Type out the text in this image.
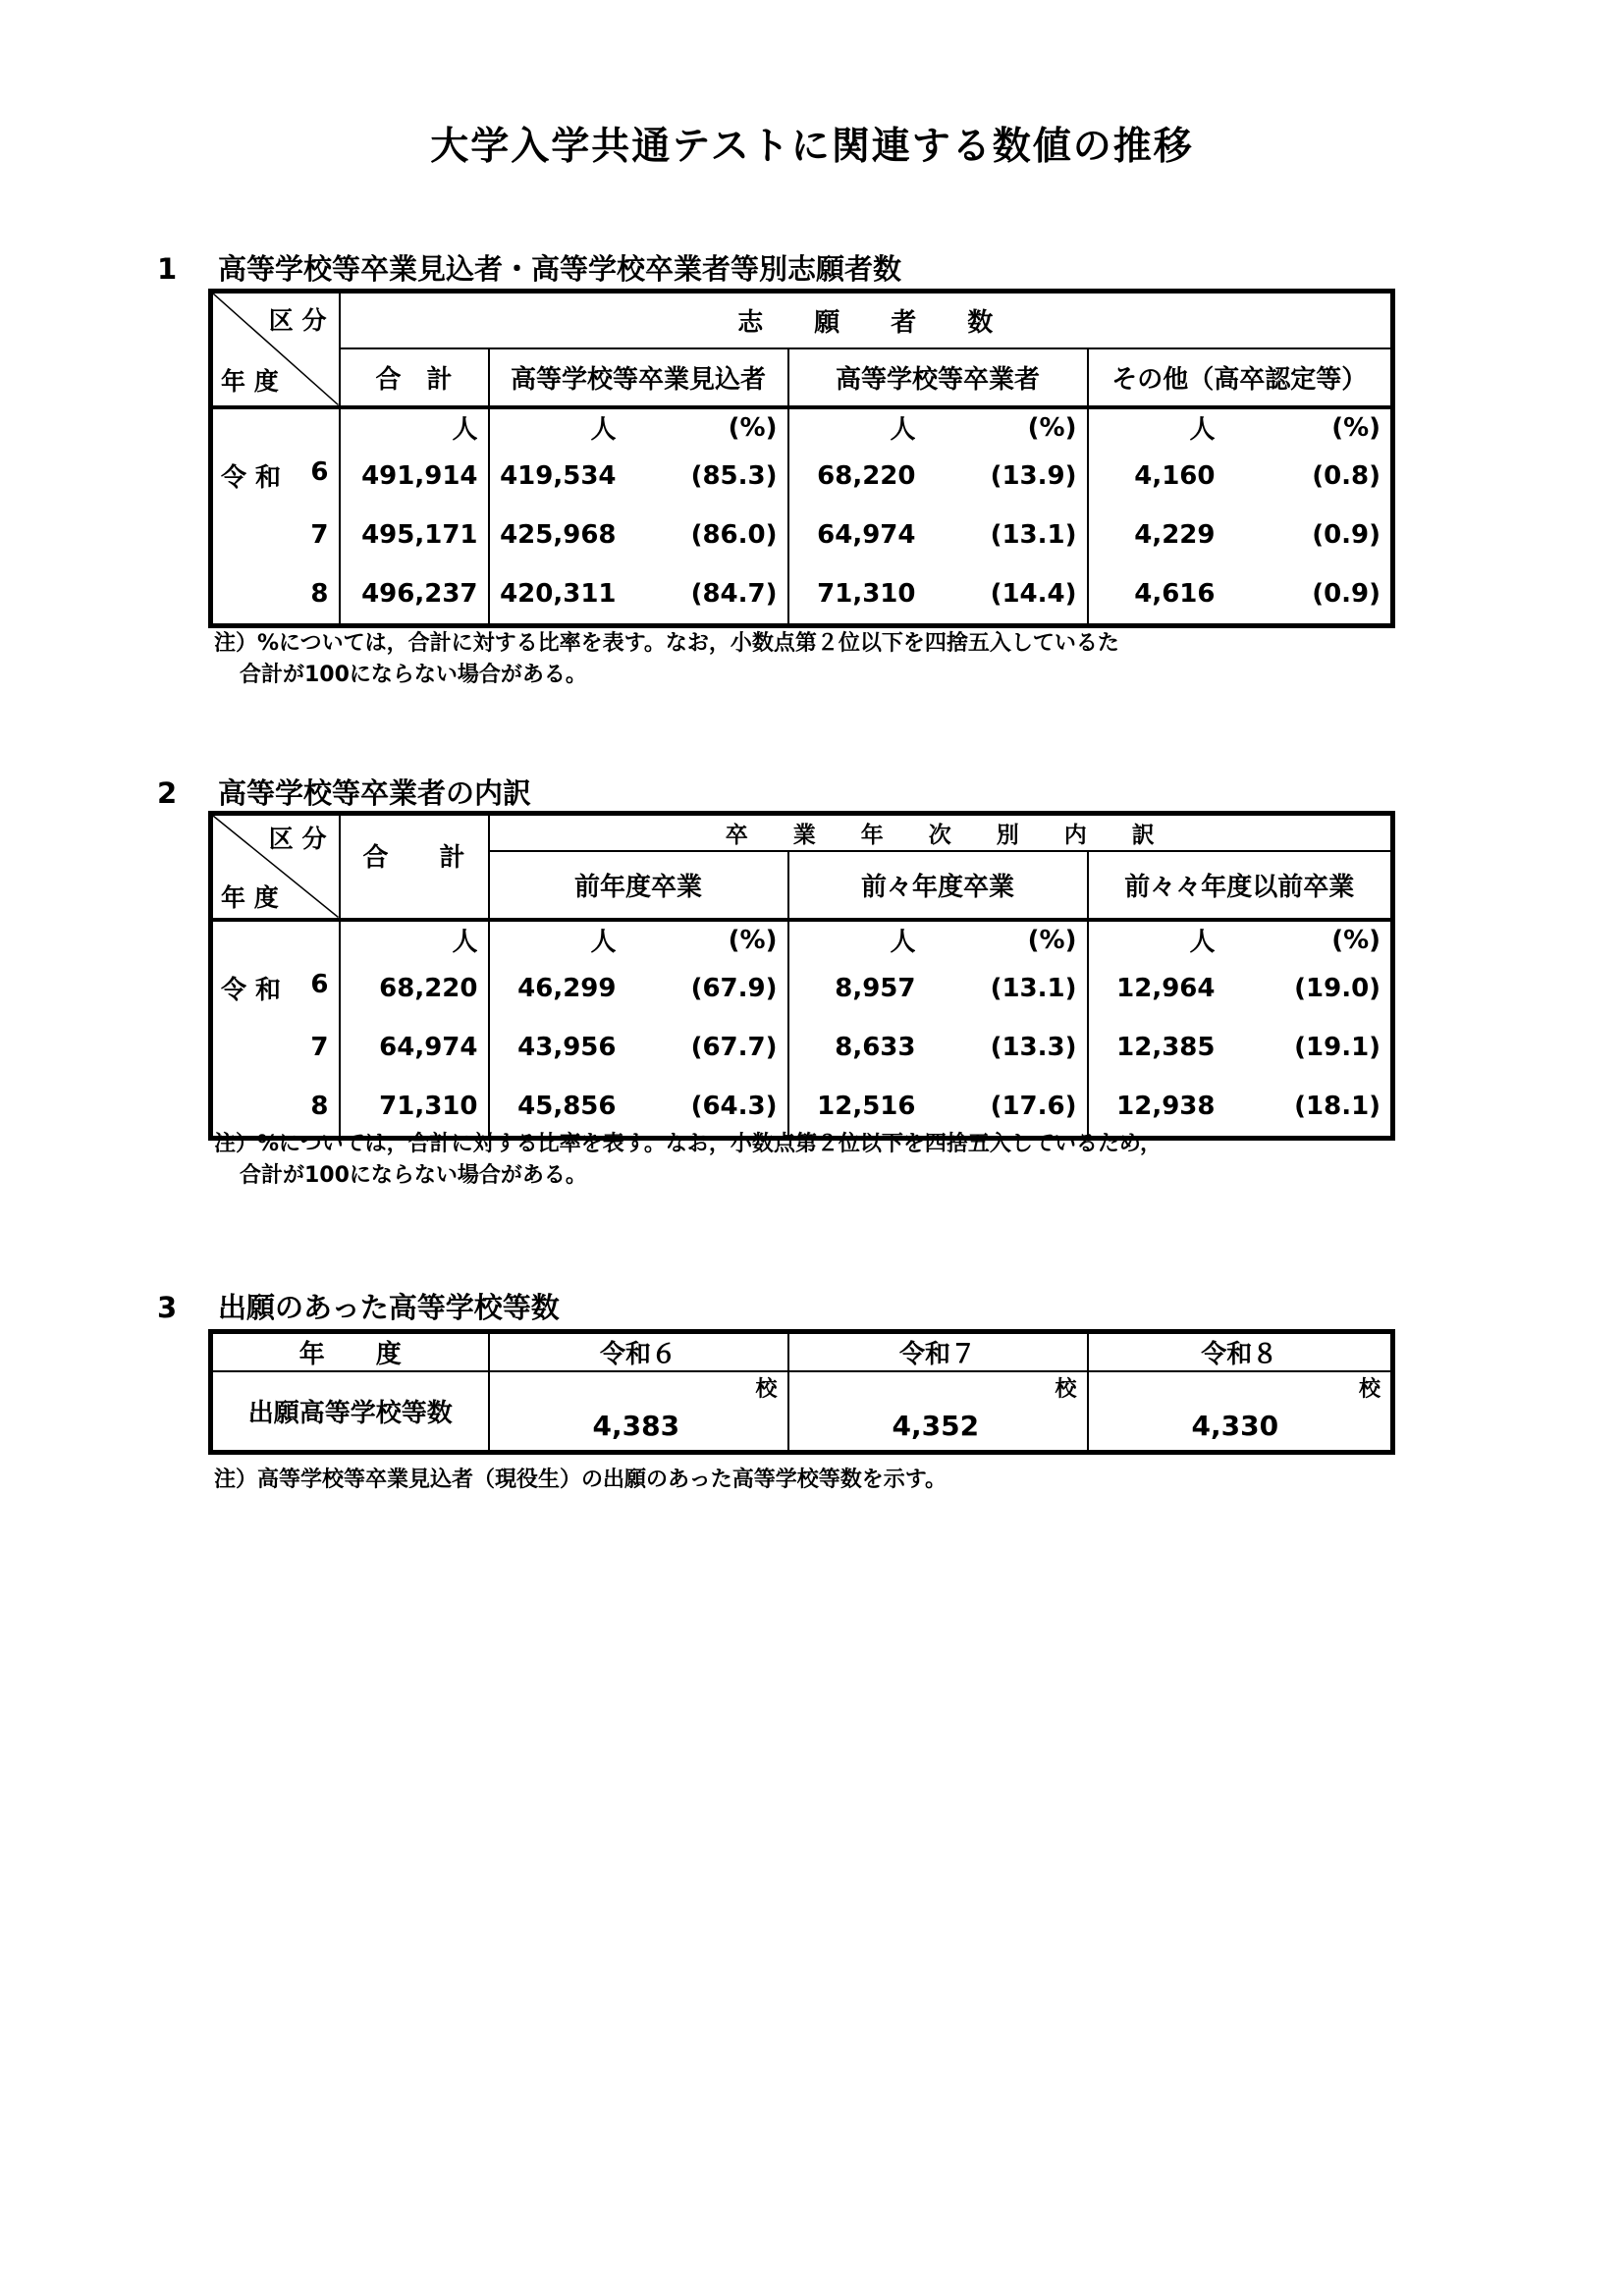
大学入学共通テストに関連する数値の推移
1 高等学校等卒業見込者・高等学校卒業者等別志願者数
区 分
年 度	志　　願　　者　　数						
	合　計	高等学校等卒業見込者		高等学校等卒業者		その他（高卒認定等）	
	人	人	(%)	人	(%)	人	(%)

令 和 6	491,914	419,534	(85.3)	68,220	(13.9)	4,160	(0.8)

7	495,171	425,968	(86.0)	64,974	(13.1)	4,229	(0.9)

8	496,237	420,311	(84.7)	71,310	(14.4)	4,616	(0.9)
注）%については，合計に対する比率を表す。なお，小数点第２位以下を四捨五入しているた
合計が100にならない場合がある。
2 高等学校等卒業者の内訳
区 分
年 度	合　　計	卒　　業　　年　　次　　別　　内　　訳					
		前年度卒業		前々年度卒業		前々々年度以前卒業	
	人	人	(%)	人	(%)	人	(%)

令 和 6	68,220	46,299	(67.9)	8,957	(13.1)	12,964	(19.0)

7	64,974	43,956	(67.7)	8,633	(13.3)	12,385	(19.1)

8	71,310	45,856	(64.3)	12,516	(17.6)	12,938	(18.1)
注）%については，合計に対する比率を表す。なお，小数点第２位以下を四捨五入しているため，
合計が100にならない場合がある。
3 出願のあった高等学校等数
年　　度	令和６	令和７	令和８
出願高等学校等数	校	校	校
	4,383	4,352	4,330
注）高等学校等卒業見込者（現役生）の出願のあった高等学校等数を示す。
